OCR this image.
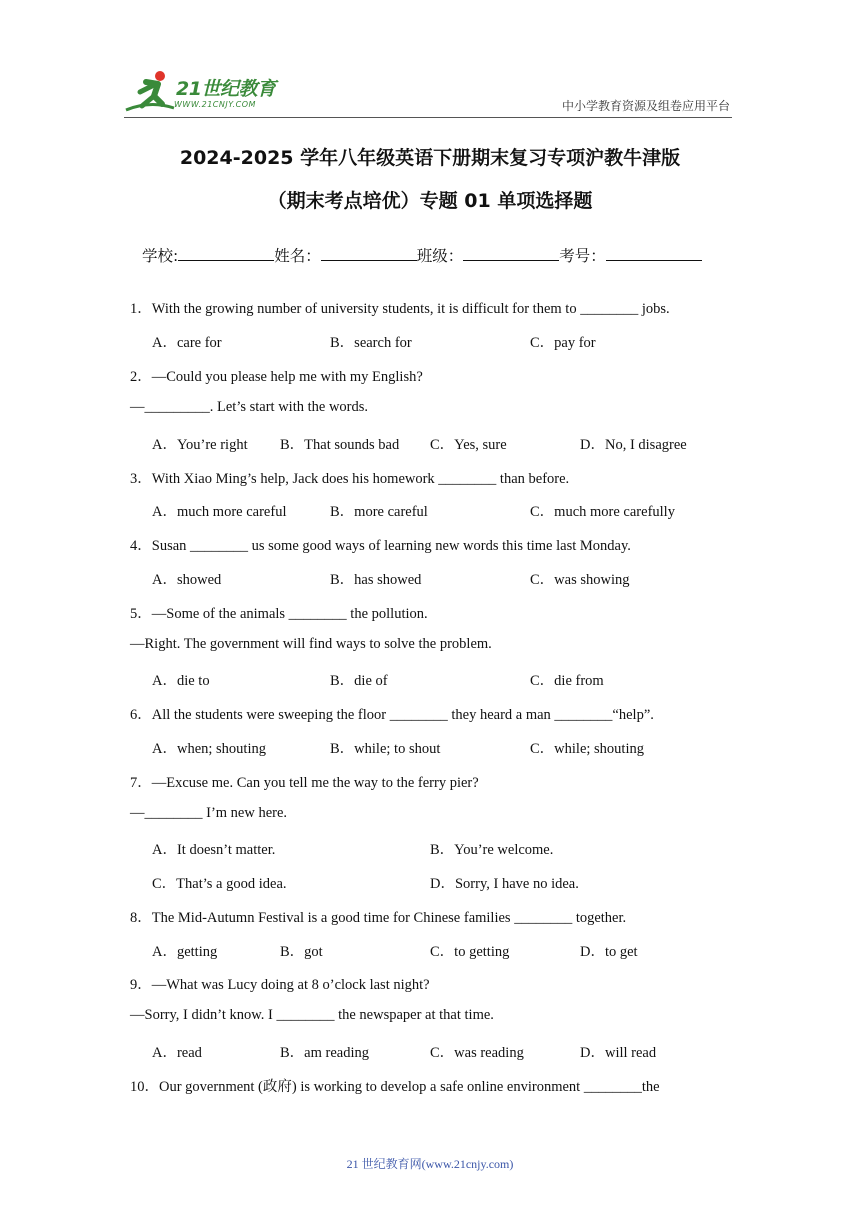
21世纪教育
WWW.21CNJY.COM	中小学教育资源及组卷应用平台
2024-2025 学年八年级英语下册期末复习专项沪教牛津版
（期末考点培优）专题 01 单项选择题
学校:	姓名：	班级：	考号：
1．With the growing number of university students, it is difficult for them to ________ jobs.
A．care for	B．search for	C．pay for
2．—Could you please help me with my English?
—_________. Let’s start with the words.
A．You’re right B．That sounds bad C．Yes, sure	D．No, I disagree
3．With Xiao Ming’s help, Jack does his homework ________ than before.
A．much more careful	B．more careful	C．much more carefully
4．Susan ________ us some good ways of learning new words this time last Monday.
A．showed	B．has showed	C．was showing
5．—Some of the animals ________ the pollution.
—Right. The government will find ways to solve the problem.
A．die to	B．die of	C．die from
6．All the students were sweeping the floor ________ they heard a man ________“help”.
A．when; shouting	B．while; to shout	C．while; shouting
7．—Excuse me. Can you tell me the way to the ferry pier?
—________ I’m new here.
A．It doesn’t matter.	B．You’re welcome.
C．That’s a good idea.	D．Sorry, I have no idea.
8．The Mid-Autumn Festival is a good time for Chinese families ________ together.
A．getting	B．got	C．to getting	D．to get
9．—What was Lucy doing at 8 o’clock last night?
—Sorry, I didn’t know. I ________ the newspaper at that time.
A．read	B．am reading	C．was reading	D．will read
10．Our government (政府) is working to develop a safe online environment ________the
21 世纪教育网(www.21cnjy.com)
